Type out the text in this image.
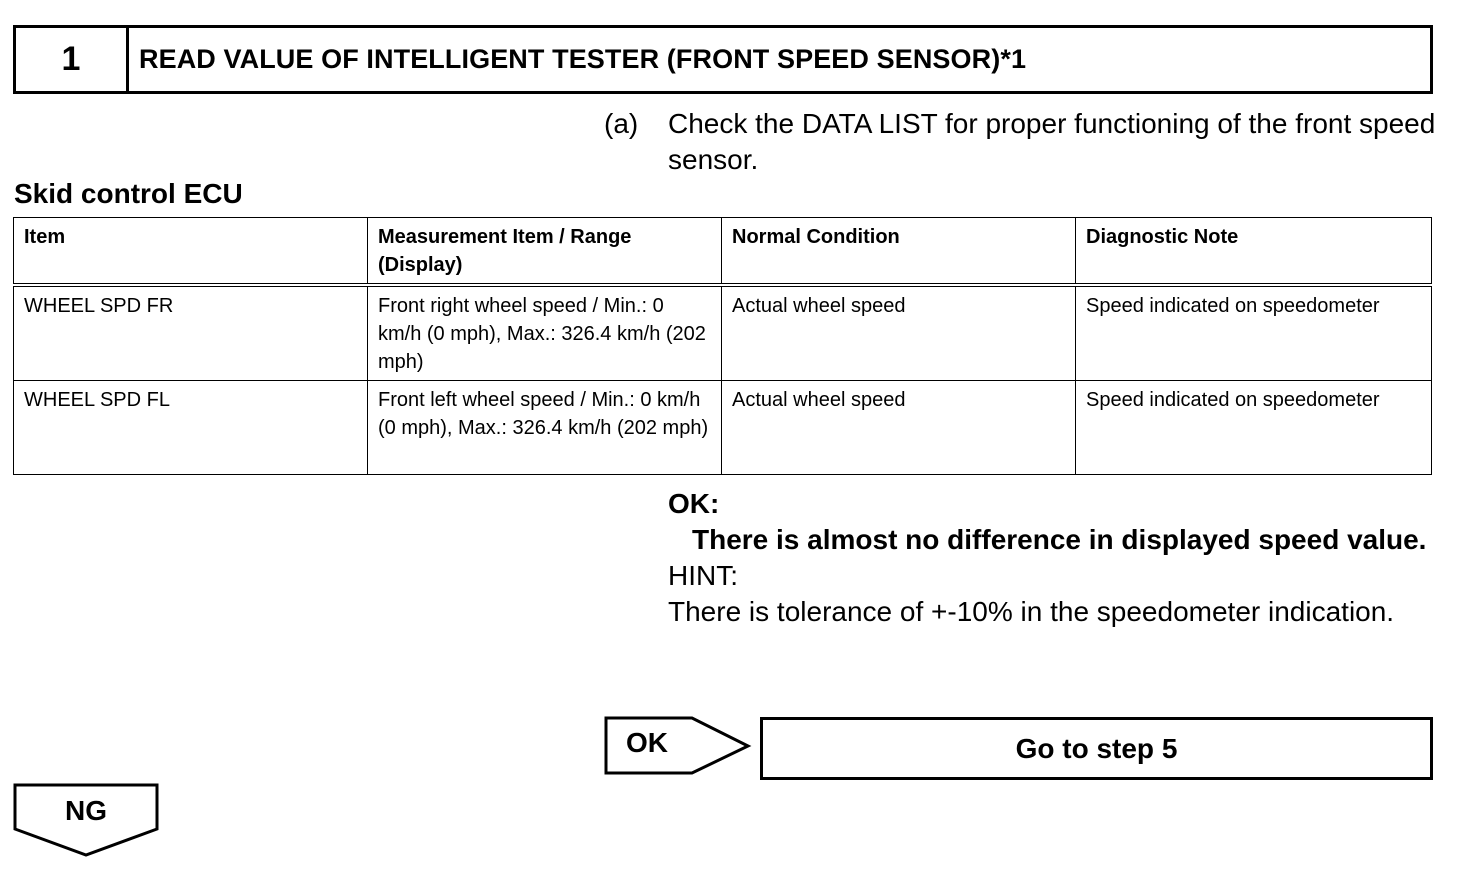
1	READ VALUE OF INTELLIGENT TESTER (FRONT SPEED SENSOR)*1
(a)	Check the DATA LIST for proper functioning of the front speed sensor.
Skid control ECU
Item	Measurement Item / Range (Display)	Normal Condition	Diagnostic Note
WHEEL SPD FR	Front right wheel speed / Min.: 0 km/h (0 mph), Max.: 326.4 km/h (202 mph)	Actual wheel speed	Speed indicated on speedometer
WHEEL SPD FL	Front left wheel speed / Min.: 0 km/h (0 mph), Max.: 326.4 km/h (202 mph)	Actual wheel speed	Speed indicated on speedometer
OK:
There is almost no difference in displayed speed value.
HINT:
There is tolerance of +-10% in the speedometer indication.
OK	Go to step 5
NG
